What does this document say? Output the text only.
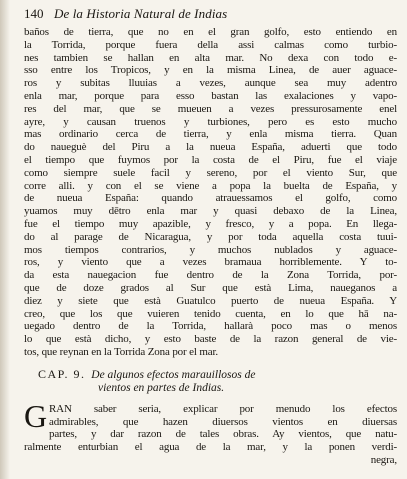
140 De la Historia Natural de Indias
baños de tierra, que no en el gran golfo, esto entiendo en
la Torrida, porque fuera della assi calmas como turbio-
nes tambien se hallan en alta mar. No dexa con todo e-
sso entre los Tropicos, y en la misma Linea, de auer aguace-
ros y subitas lluuias a vezes, aunque sea muy adentro
enla mar, porque para esso bastan las exalaciones y vapo-
res del mar, que se mueuen a vezes pressurosamente enel
ayre, y causan truenos y turbiones, pero es esto mucho
mas ordinario cerca de tierra, y enla misma tierra. Quan
do naueguè del Piru a la nueua España, aduerti que todo
el tiempo que fuymos por la costa de el Piru, fue el viaje
como siempre suele facil y sereno, por el viento Sur, que
corre alli. y con el se viene a popa la bueltа de España, y
de nueua España: quando atrauessamos el golfo, como
yuamos muy dētro enla mar y quasi debaxo de la Linea,
fue el tiempo muy apazible, y fresco, y a popa. En llega-
do al parage de Nicaragua, y por toda aquella costa tuui-
mos tiempos contrarios, y muchos nublados y aguace-
ros, y viento que a vezes bramaua horriblemente. Y to-
da esta nauegacion fue dentro de la Zona Torrida, por-
que de doze grados al Sur que està Lima, naueganos a
diez y siete que està Guatulco puerto de nueua España. Y
creo, que los que vuieren tenido cuenta, en lo que hā na-
uegado dentro de la Torrida, hallarà poco mas o menos
lo que està dicho, y esto baste de la razon general de vie-
tos, que reynan en la Torrida Zona por el mar.
CAP. 9. De algunos efectos marauillosos de
vientos en partes de Indias.
G RAN saber seria, explicar por menudo los efectos
admirables, que hazen diuersos vientos en diuersas
partes, y dar razon de tales obras. Ay vientos, que natu-
ralmente enturbian el agua de la mar, y la ponen verdi-
negra,
